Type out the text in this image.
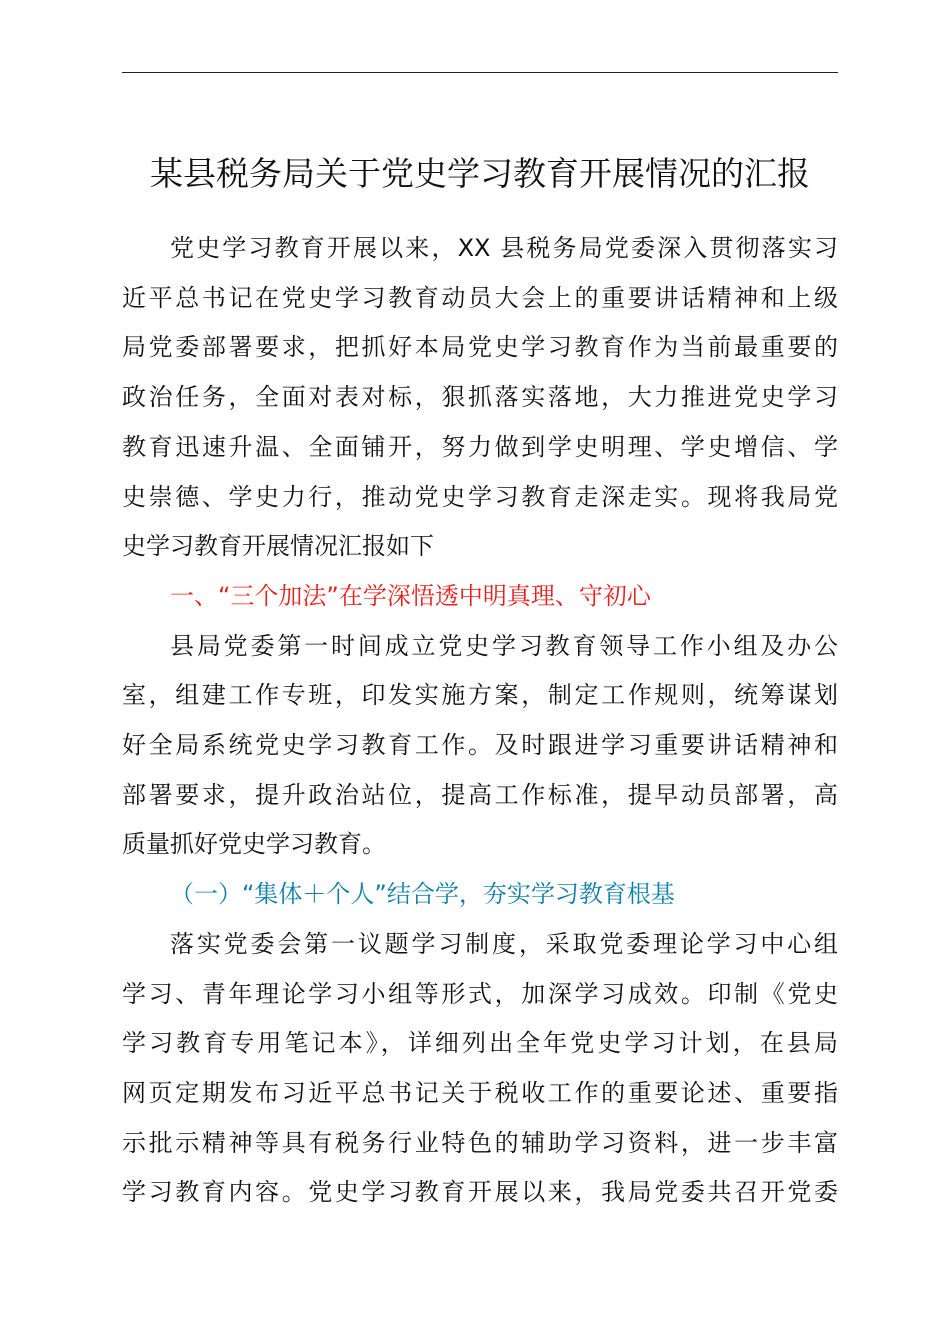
某县税务局关于党史学习教育开展情况的汇报
党史学习教育开展以来，XX 县税务局党委深入贯彻落实习
近平总书记在党史学习教育动员大会上的重要讲话精神和上级
局党委部署要求，把抓好本局党史学习教育作为当前最重要的
政治任务，全面对表对标，狠抓落实落地，大力推进党史学习
教育迅速升温、全面铺开，努力做到学史明理、学史增信、学
史崇德、学史力行，推动党史学习教育走深走实。现将我局党
史学习教育开展情况汇报如下

一、“三个加法”在学深悟透中明真理、守初心

县局党委第一时间成立党史学习教育领导工作小组及办公
室，组建工作专班，印发实施方案，制定工作规则，统筹谋划
好全局系统党史学习教育工作。及时跟进学习重要讲话精神和
部署要求，提升政治站位，提高工作标准，提早动员部署，高
质量抓好党史学习教育。

（一）“集体＋个人”结合学，夯实学习教育根基

落实党委会第一议题学习制度，采取党委理论学习中心组
学习、青年理论学习小组等形式，加深学习成效。印制《党史
学习教育专用笔记本》，详细列出全年党史学习计划，在县局
网页定期发布习近平总书记关于税收工作的重要论述、重要指
示批示精神等具有税务行业特色的辅助学习资料，进一步丰富
学习教育内容。党史学习教育开展以来，我局党委共召开党委
